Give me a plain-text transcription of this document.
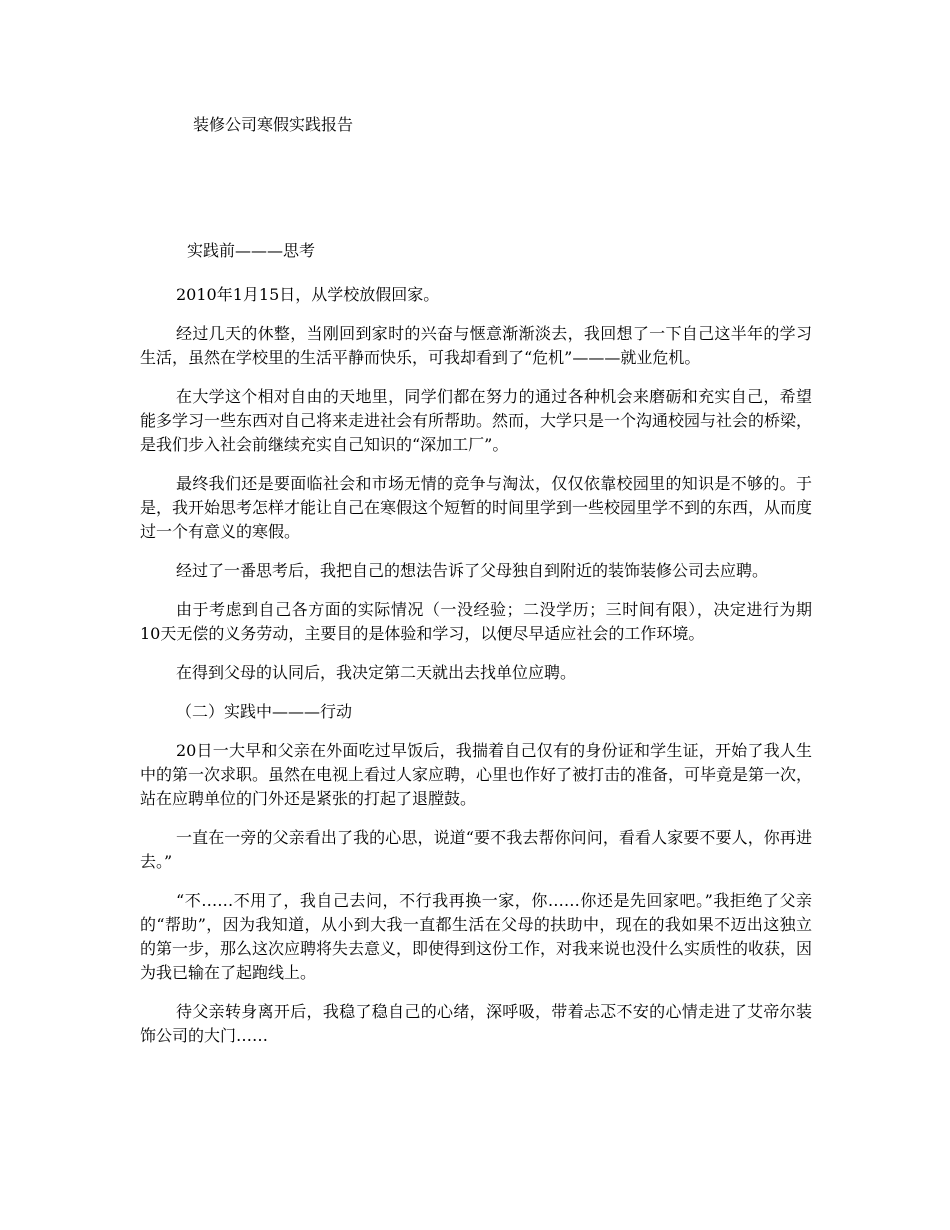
装修公司寒假实践报告
实践前———思考

2010年1月15日，从学校放假回家。

经过几天的休整，当刚回到家时的兴奋与惬意渐渐淡去，我回想了一下自己这半年的学习生活，虽然在学校里的生活平静而快乐，可我却看到了“危机”———就业危机。

在大学这个相对自由的天地里，同学们都在努力的通过各种机会来磨砺和充实自己，希望能多学习一些东西对自己将来走进社会有所帮助。然而，大学只是一个沟通校园与社会的桥梁，是我们步入社会前继续充实自己知识的“深加工厂”。

最终我们还是要面临社会和市场无情的竞争与淘汰，仅仅依靠校园里的知识是不够的。于是，我开始思考怎样才能让自己在寒假这个短暂的时间里学到一些校园里学不到的东西，从而度过一个有意义的寒假。

经过了一番思考后，我把自己的想法告诉了父母独自到附近的装饰装修公司去应聘。

由于考虑到自己各方面的实际情况（一没经验；二没学历；三时间有限），决定进行为期10天无偿的义务劳动，主要目的是体验和学习，以便尽早适应社会的工作环境。

在得到父母的认同后，我决定第二天就出去找单位应聘。

（二）实践中———行动

20日一大早和父亲在外面吃过早饭后，我揣着自己仅有的身份证和学生证，开始了我人生中的第一次求职。虽然在电视上看过人家应聘，心里也作好了被打击的准备，可毕竟是第一次，站在应聘单位的门外还是紧张的打起了退膛鼓。

一直在一旁的父亲看出了我的心思，说道“要不我去帮你问问，看看人家要不要人，你再进去。”

“不……不用了，我自己去问，不行我再换一家，你……你还是先回家吧。”我拒绝了父亲的“帮助”，因为我知道，从小到大我一直都生活在父母的扶助中，现在的我如果不迈出这独立的第一步，那么这次应聘将失去意义，即使得到这份工作，对我来说也没什么实质性的收获，因为我已输在了起跑线上。

待父亲转身离开后，我稳了稳自己的心绪，深呼吸，带着忐忑不安的心情走进了艾帝尔装饰公司的大门……
